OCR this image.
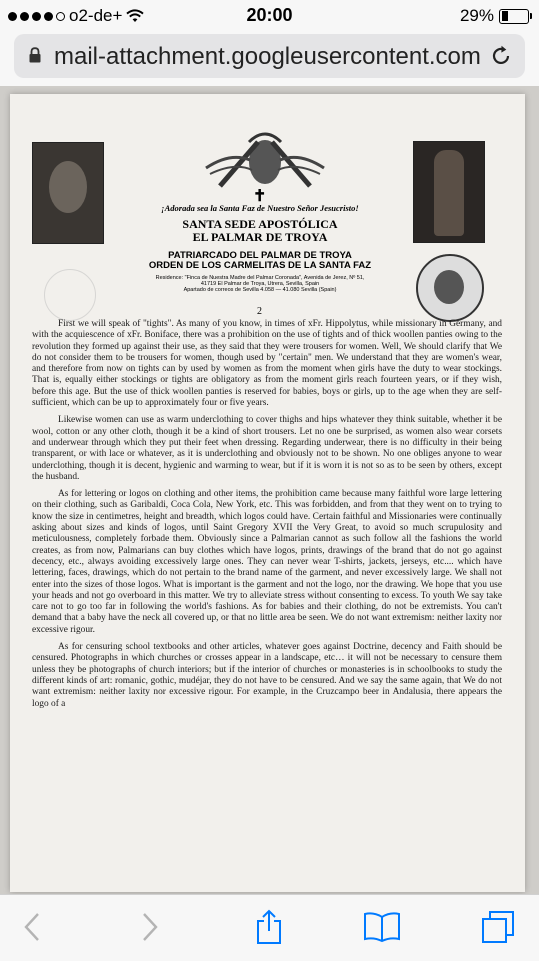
o2-de+	20:00	29%
mail-attachment.googleusercontent.com
✝
¡Adorada sea la Santa Faz de Nuestro Señor Jesucristo!
SANTA SEDE APOSTÓLICA
EL PALMAR DE TROYA
PATRIARCADO DEL PALMAR DE TROYA
ORDEN DE LOS CARMELITAS DE LA SANTA FAZ
Residence: "Finca de Nuestra Madre del Palmar Coronada", Avenida de Jerez, Nº 51,
41719 El Palmar de Troya, Utrera, Sevilla, Spain
Apartado de correos de Sevilla 4.058 — 41.080 Sevilla (Spain)
2

First we will speak of "tights". As many of you know, in times of xFr. Hippolytus, while missionary in Germany, and with the acquiescence of xFr. Boniface, there was a prohibition on the use of tights and of thick woollen panties owing to the revolution they formed up against their use, as they said that they were trousers for women. Well, We should clarify that We do not consider them to be trousers for women, though used by "certain" men. We understand that they are women's wear, and therefore from now on tights can by used by women as from the moment when girls have the duty to wear stockings. That is, equally either stockings or tights are obligatory as from the moment girls reach fourteen years, or if they wish, before this age. But the use of thick woollen panties is reserved for babies, boys or girls, up to the age when they are self-sufficient, which can be up to approximately four or five years.

Likewise women can use as warm underclothing to cover thighs and hips whatever they think suitable, whether it be wool, cotton or any other cloth, though it be a kind of short trousers. Let no one be surprised, as women also wear corsets and underwear through which they put their feet when dressing. Regarding underwear, there is no difficulty in their being transparent, or with lace or whatever, as it is underclothing and obviously not to be shown. No one obliges anyone to wear underclothing, though it is decent, hygienic and warming to wear, but if it is worn it is not so as to be seen by others, except the husband.

As for lettering or logos on clothing and other items, the prohibition came because many faithful wore large lettering on their clothing, such as Garibaldi, Coca Cola, New York, etc. This was forbidden, and from that they went on to trying to know the size in centimetres, height and breadth, which logos could have. Certain faithful and Missionaries were continually asking about sizes and kinds of logos, until Saint Gregory XVII the Very Great, to avoid so much scrupulosity and meticulousness, completely forbade them. Obviously since a Palmarian cannot as such follow all the fashions the world creates, as from now, Palmarians can buy clothes which have logos, prints, drawings of the brand that do not go against decency, etc., always avoiding excessively large ones. They can never wear T-shirts, jackets, jerseys, etc.... which have lettering, faces, drawings, which do not pertain to the brand name of the garment, and never excessively large. We shall not enter into the sizes of those logos. What is important is the garment and not the logo, nor the drawing. We hope that you use your heads and not go overboard in this matter. We try to alleviate stress without consenting to excess. To youth We say take care not to go too far in following the world's fashions. As for babies and their clothing, do not be extremists. You can't demand that a baby have the neck all covered up, or that no little area be seen. We do not want extremism: neither laxity nor excessive rigour.

As for censuring school textbooks and other articles, whatever goes against Doctrine, decency and Faith should be censured. Photographs in which churches or crosses appear in a landscape, etc… it will not be necessary to censure them unless they be photographs of church interiors; but if the interior of churches or monasteries is in schoolbooks to study the different kinds of art: romanic, gothic, mudéjar, they do not have to be censured. And we say the same again, that We do not want extremism: neither laxity nor excessive rigour. For example, in the Cruzcampo beer in Andalusia, there appears the logo of a
